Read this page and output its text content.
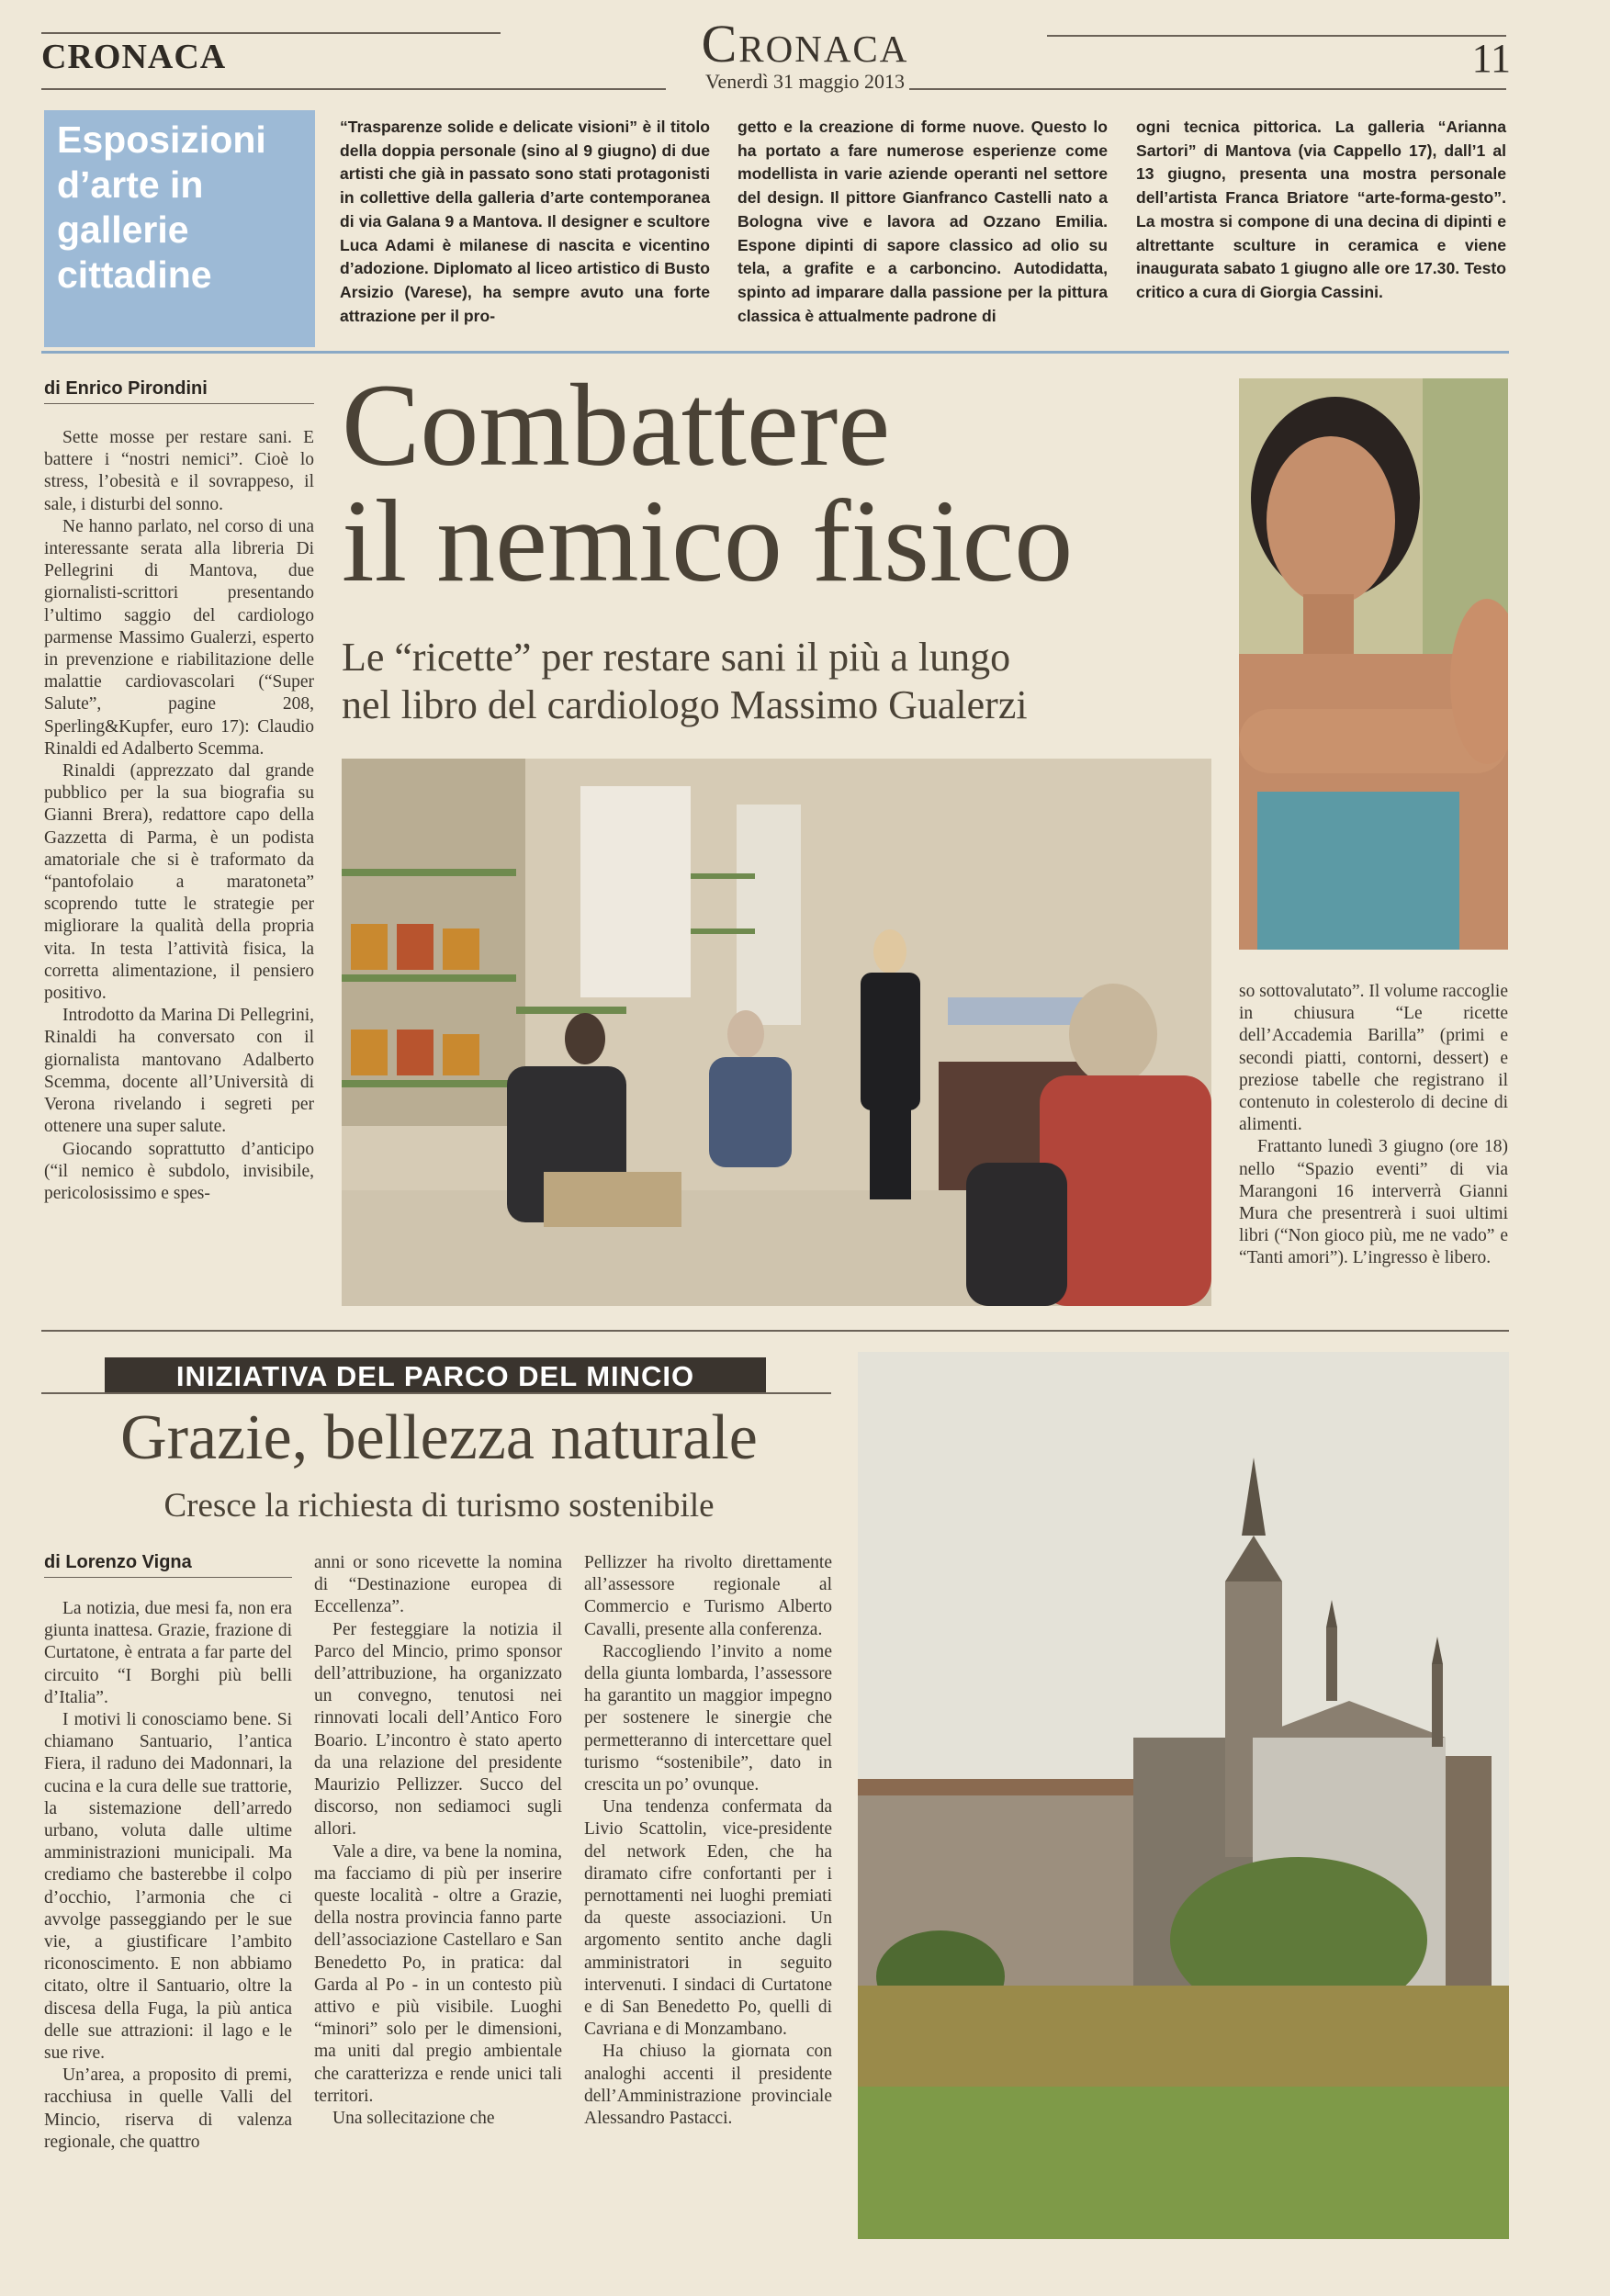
CRONACA	Cronaca
Venerdì 31 maggio 2013
11
Esposizioni d’arte in gallerie cittadine
“Trasparenze solide e delicate visioni” è il titolo della doppia personale (sino al 9 giugno) di due artisti che già in passato sono stati protagonisti in collettive della galleria d’arte contemporanea di via Galana 9 a Mantova. Il designer e scultore Luca Adami è milanese di nascita e vicentino d’adozione. Diplomato al liceo artistico di Busto Arsizio (Varese), ha sempre avuto una forte attrazione per il pro-
getto e la creazione di forme nuove. Questo lo ha portato a fare numerose esperienze come modellista in varie aziende operanti nel settore del design. Il pittore Gianfranco Castelli nato a Bologna vive e lavora ad Ozzano Emilia. Espone dipinti di sapore classico ad olio su tela, a grafite e a carboncino. Autodidatta, spinto ad imparare dalla passione per la pittura classica è attualmente padrone di
ogni tecnica pittorica. La galleria “Arianna Sartori” di Mantova (via Cappello 17), dall’1 al 13 giugno, presenta una mostra personale dell’artista Franca Briatore “arte-forma-gesto”. La mostra si compone di una decina di dipinti e altrettante sculture in ceramica e viene inaugurata sabato 1 giugno alle ore 17.30. Testo critico a cura di Giorgia Cassini.
di Enrico Pirondini

Sette mosse per restare sani. E battere i “nostri nemici”. Cioè lo stress, l’obesità e il sovrappeso, il sale, i disturbi del sonno.

Ne hanno parlato, nel corso di una interessante serata alla libreria Di Pellegrini di Mantova, due giornalisti-scrittori presentando l’ultimo saggio del cardiologo parmense Massimo Gualerzi, esperto in prevenzione e riabilitazione delle malattie cardiovascolari (“Super Salute”, pagine 208, Sperling&Kupfer, euro 17): Claudio Rinaldi ed Adalberto Scemma.

Rinaldi (apprezzato dal grande pubblico per la sua biografia su Gianni Brera), redattore capo della Gazzetta di Parma, è un podista amatoriale che si è traformato da “pantofolaio a maratoneta” scoprendo tutte le strategie per migliorare la qualità della propria vita. In testa l’attività fisica, la corretta alimentazione, il pensiero positivo.

Introdotto da Marina Di Pellegrini, Rinaldi ha conversato con il giornalista mantovano Adalberto Scemma, docente all’Università di Verona rivelando i segreti per ottenere una super salute.

Giocando soprattutto d’anticipo (“il nemico è subdolo, invisibile, pericolosissimo e spes-

Combattere
il nemico fisico
Le “ricette” per restare sani il più a lungo
nel libro del cardiologo Massimo Gualerzi

so sottovalutato”. Il volume raccoglie in chiusura “Le ricette dell’Accademia Barilla” (primi e secondi piatti, contorni, dessert) e preziose tabelle che registrano il contenuto in colesterolo di decine di alimenti.

Frattanto lunedì 3 giugno (ore 18) nello “Spazio eventi” di via Marangoni 16 interverrà Gianni Mura che presentrerà i suoi ultimi libri (“Non gioco più, me ne vado” e “Tanti amori”). L’ingresso è libero.

INIZIATIVA DEL PARCO DEL MINCIO
Grazie, bellezza naturale
Cresce la richiesta di turismo sostenibile
di Lorenzo Vigna

La notizia, due mesi fa, non era giunta inattesa. Grazie, frazione di Curtatone, è entrata a far parte del circuito “I Borghi più belli d’Italia”.

I motivi li conosciamo bene. Si chiamano Santuario, l’antica Fiera, il raduno dei Madonnari, la cucina e la cura delle sue trattorie, la sistemazione dell’arredo urbano, voluta dalle ultime amministrazioni municipali. Ma crediamo che basterebbe il colpo d’occhio, l’armonia che ci avvolge passeggiando per le sue vie, a giustificare l’ambito riconoscimento. E non abbiamo citato, oltre il Santuario, oltre la discesa della Fuga, la più antica delle sue attrazioni: il lago e le sue rive.

Un’area, a proposito di premi, racchiusa in quelle Valli del Mincio, riserva di valenza regionale, che quattro

anni or sono ricevette la nomina di “Destinazione europea di Eccellenza”.

Per festeggiare la notizia il Parco del Mincio, primo sponsor dell’attribuzione, ha organizzato un convegno, tenutosi nei rinnovati locali dell’Antico Foro Boario. L’incontro è stato aperto da una relazione del presidente Maurizio Pellizzer. Succo del discorso, non sediamoci sugli allori.

Vale a dire, va bene la nomina, ma facciamo di più per inserire queste località - oltre a Grazie, della nostra provincia fanno parte dell’associazione Castellaro e San Benedetto Po, in pratica: dal Garda al Po - in un contesto più attivo e più visibile. Luoghi “minori” solo per le dimensioni, ma uniti dal pregio ambientale che caratterizza e rende unici tali territori.

Una sollecitazione che

Pellizzer ha rivolto direttamente all’assessore regionale al Commercio e Turismo Alberto Cavalli, presente alla conferenza.

Raccogliendo l’invito a nome della giunta lombarda, l’assessore ha garantito un maggior impegno per sostenere le sinergie che permetteranno di intercettare quel turismo “sostenibile”, dato in crescita un po’ ovunque.

Una tendenza confermata da Livio Scattolin, vice-presidente del network Eden, che ha diramato cifre confortanti per i pernottamenti nei luoghi premiati da queste associazioni. Un argomento sentito anche dagli amministratori in seguito intervenuti. I sindaci di Curtatone e di San Benedetto Po, quelli di Cavriana e di Monzambano.

Ha chiuso la giornata con analoghi accenti il presidente dell’Amministrazione provinciale Alessandro Pastacci.
